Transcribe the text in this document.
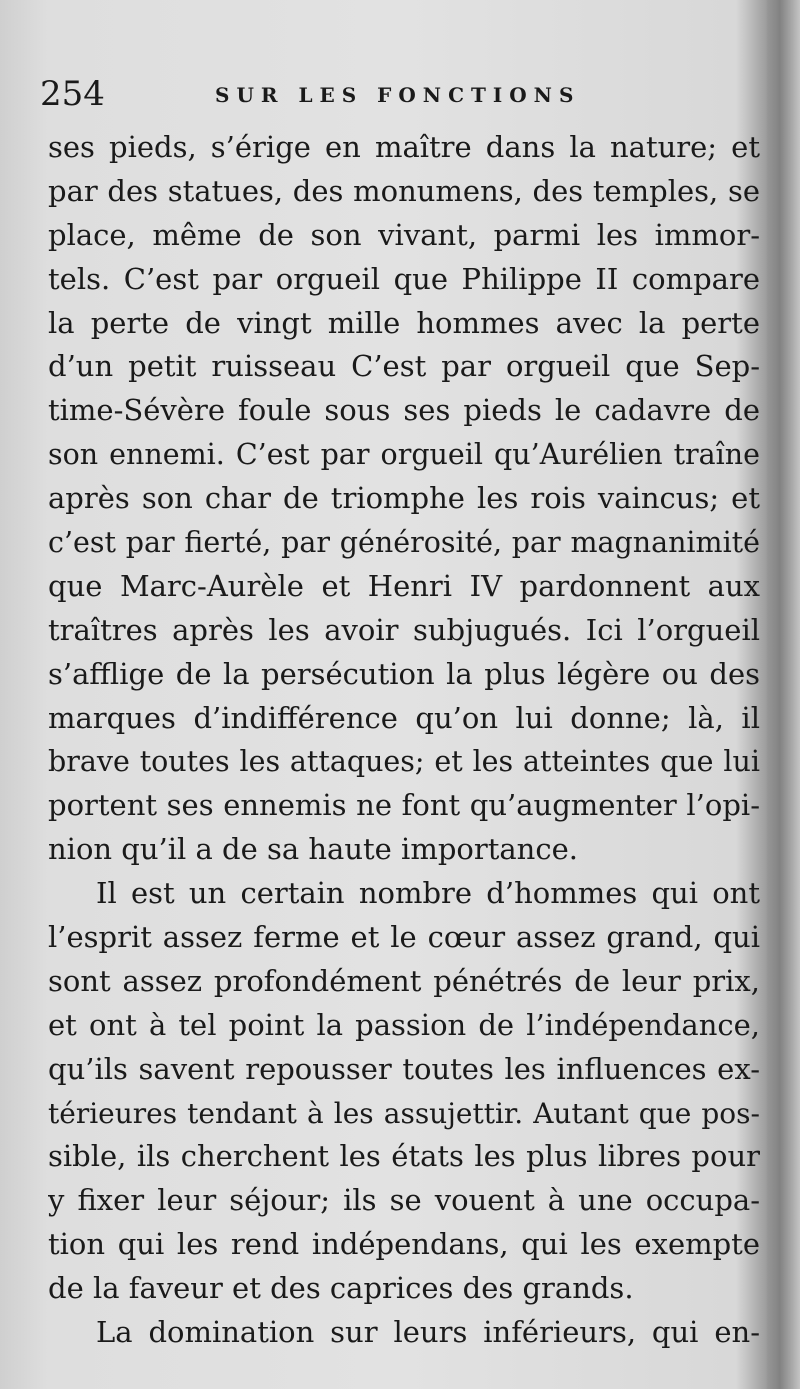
254	SUR LES FONCTIONS
ses pieds, s’érige en maître dans la nature; et
par des statues, des monumens, des temples, se
place, même de son vivant, parmi les immor-
tels. C’est par orgueil que Philippe II compare
la perte de vingt mille hommes avec la perte
d’un petit ruisseau C’est par orgueil que Sep-
time-Sévère foule sous ses pieds le cadavre de
son ennemi. C’est par orgueil qu’Aurélien traîne
après son char de triomphe les rois vaincus; et
c’est par fierté, par générosité, par magnanimité
que Marc-Aurèle et Henri IV pardonnent aux
traîtres après les avoir subjugués. Ici l’orgueil
s’afflige de la persécution la plus légère ou des
marques d’indifférence qu’on lui donne; là, il
brave toutes les attaques; et les atteintes que lui
portent ses ennemis ne font qu’augmenter l’opi-
nion qu’il a de sa haute importance.
Il est un certain nombre d’hommes qui ont
l’esprit assez ferme et le cœur assez grand, qui
sont assez profondément pénétrés de leur prix,
et ont à tel point la passion de l’indépendance,
qu’ils savent repousser toutes les influences ex-
térieures tendant à les assujettir. Autant que pos-
sible, ils cherchent les états les plus libres pour
y fixer leur séjour; ils se vouent à une occupa-
tion qui les rend indépendans, qui les exempte
de la faveur et des caprices des grands.
La domination sur leurs inférieurs, qui en-
